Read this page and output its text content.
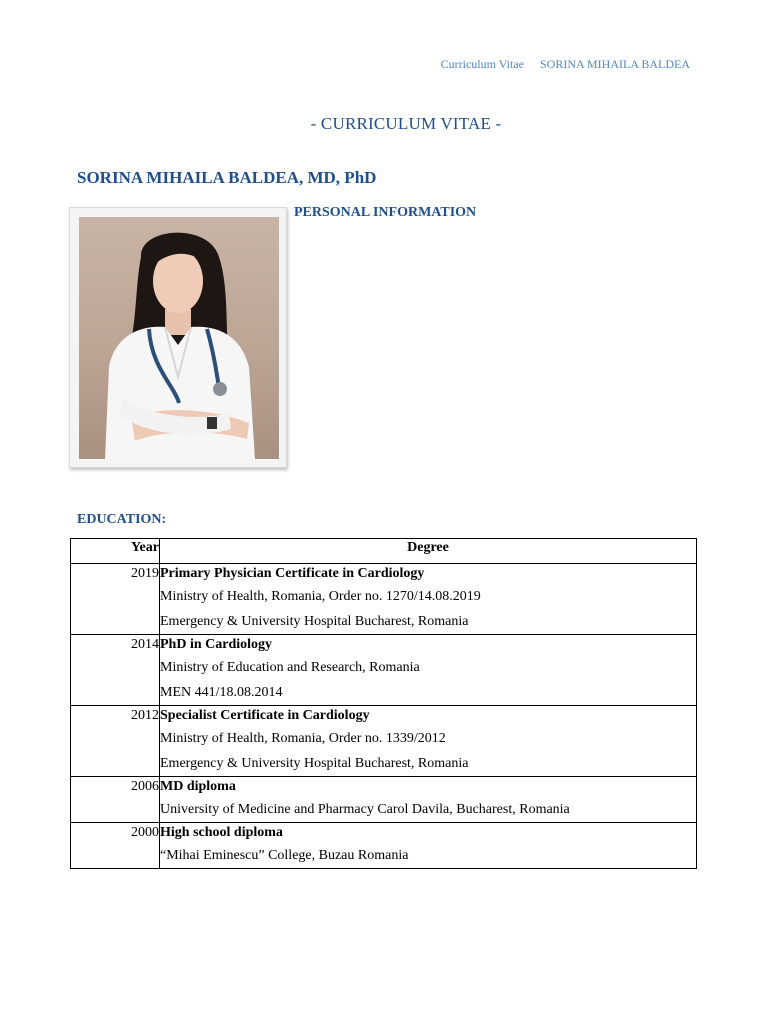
Curriculum Vitae SORINA MIHAILA BALDEA
- CURRICULUM VITAE -
SORINA MIHAILA BALDEA, MD, PhD
PERSONAL INFORMATION
EDUCATION:
Year	Degree
2019	Primary Physician Certificate in Cardiology
Ministry of Health, Romania, Order no. 1270/14.08.2019
Emergency & University Hospital Bucharest, Romania

2014	PhD in Cardiology
Ministry of Education and Research, Romania
MEN 441/18.08.2014

2012	Specialist Certificate in Cardiology
Ministry of Health, Romania, Order no. 1339/2012
Emergency & University Hospital Bucharest, Romania

2006	MD diploma
University of Medicine and Pharmacy Carol Davila, Bucharest, Romania

2000	High school diploma
“Mihai Eminescu” College, Buzau Romania
